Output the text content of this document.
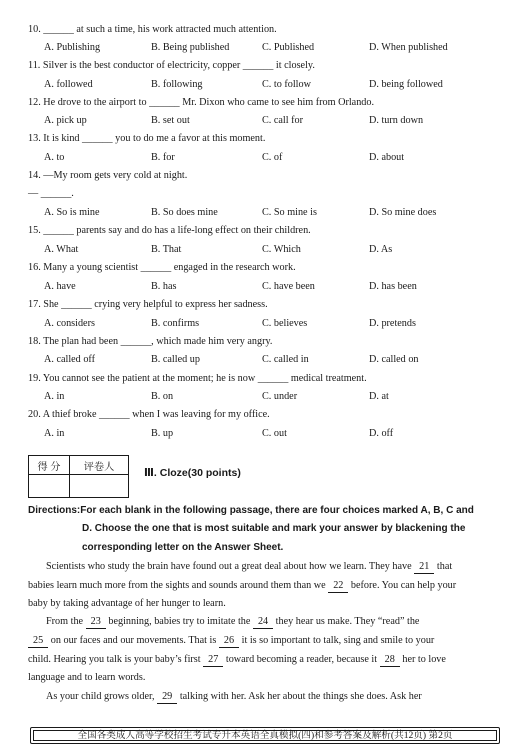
10. ______ at such a time, his work attracted much attention.
A. Publishing	B. Being published	C. Published	D. When published
11. Silver is the best conductor of electricity, copper ______ it closely.
A. followed	B. following	C. to follow	D. being followed
12. He drove to the airport to ______ Mr. Dixon who came to see him from Orlando.
A. pick up	B. set out	C. call for	D. turn down
13. It is kind ______ you to do me a favor at this moment.
A. to	B. for	C. of	D. about
14. —My room gets very cold at night.
— ______.
A. So is mine	B. So does mine	C. So mine is	D. So mine does
15. ______ parents say and do has a life-long effect on their children.
A. What	B. That	C. Which	D. As
16. Many a young scientist ______ engaged in the research work.
A. have	B. has	C. have been	D. has been
17. She ______ crying very helpful to express her sadness.
A. considers	B. confirms	C. believes	D. pretends
18. The plan had been ______, which made him very angry.
A. called off	B. called up	C. called in	D. called on
19. You cannot see the patient at the moment; he is now ______ medical treatment.
A. in	B. on	C. under	D. at
20. A thief broke ______ when I was leaving for my office.
A. in	B. up	C. out	D. off
得 分	评卷人
		Ⅲ. Cloze(30 points)
Directions:For each blank in the following passage, there are four choices marked A, B, C and
D. Choose the one that is most suitable and mark your answer by blackening the
corresponding letter on the Answer Sheet.
Scientists who study the brain have found out a great deal about how we learn. They have 21 that
babies learn much more from the sights and sounds around them than we 22 before. You can help your
baby by taking advantage of her hunger to learn.
From the 23 beginning, babies try to imitate the 24 they hear us make. They “read” the
25 on our faces and our movements. That is 26 it is so important to talk, sing and smile to your
child. Hearing you talk is your baby’s first 27 toward becoming a reader, because it 28 her to love
language and to learn words.
As your child grows older, 29 talking with her. Ask her about the things she does. Ask her
全国各类成人高等学校招生考试专升本英语全真模拟(四)和参考答案及解析(共12页) 第2页
